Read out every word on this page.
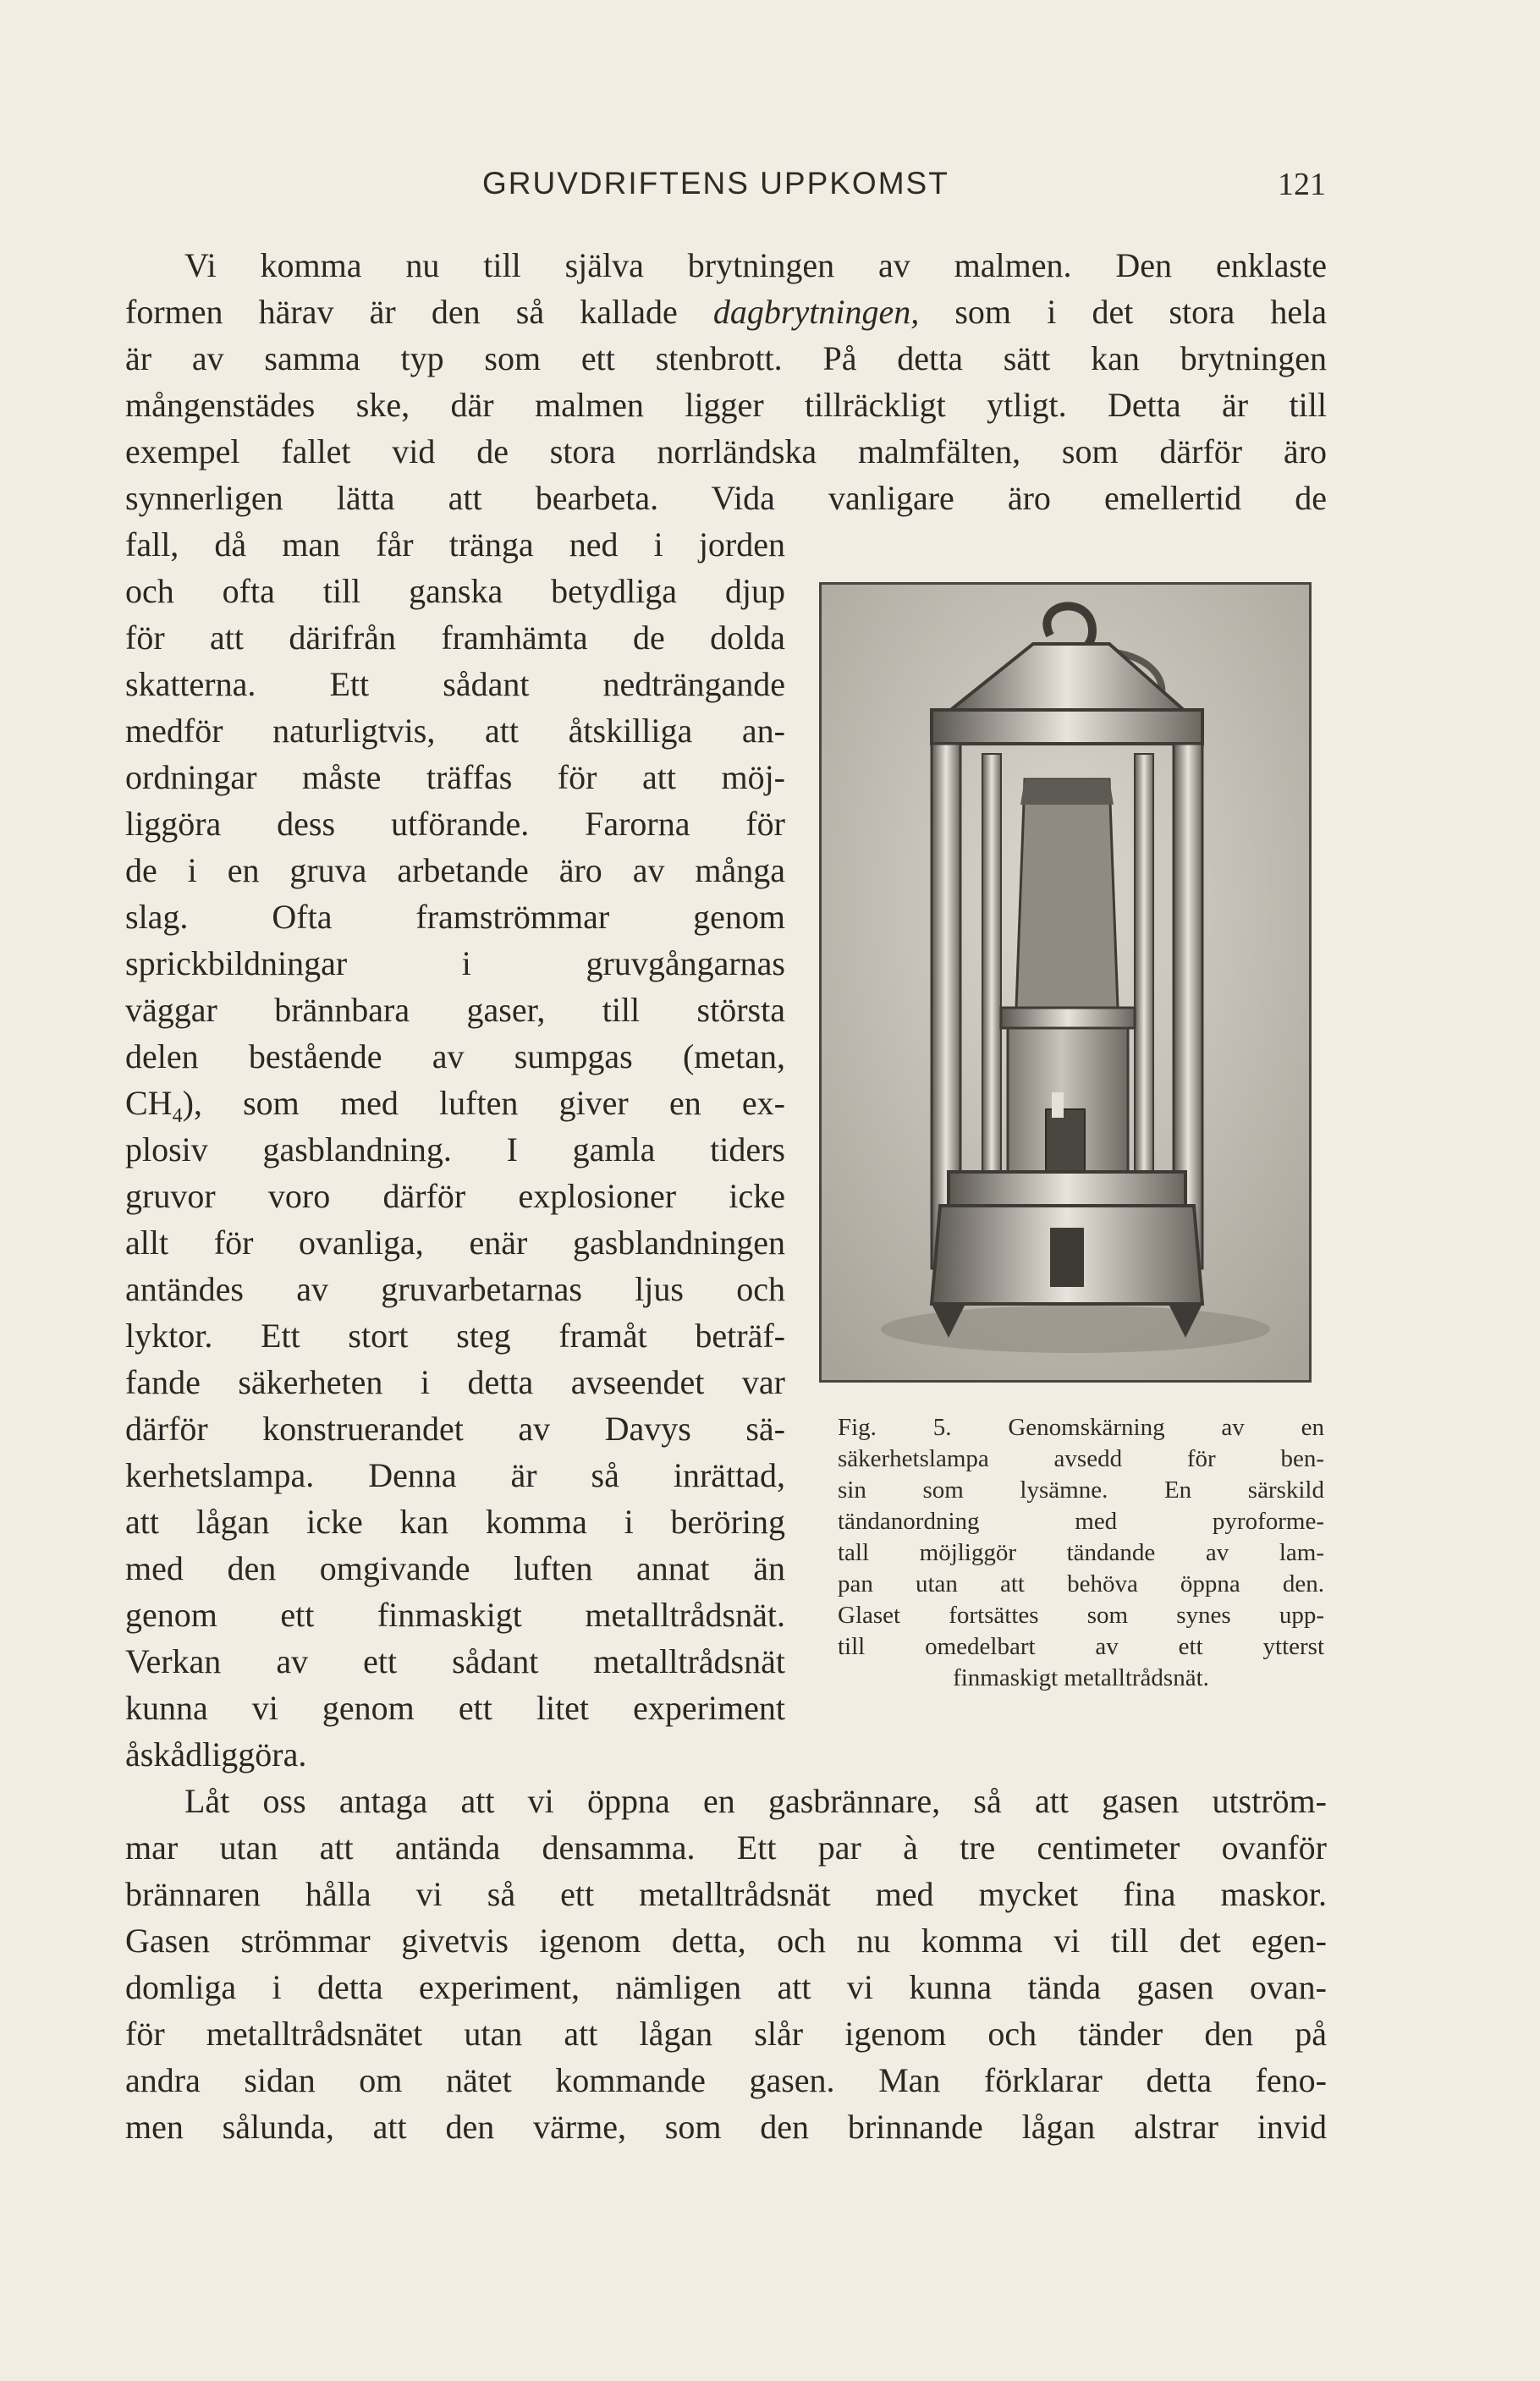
GRUVDRIFTENS UPPKOMST	121
Vi komma nu till själva brytningen av malmen. Den enklaste
formen härav är den så kallade dagbrytningen, som i det stora hela
är av samma typ som ett stenbrott. På detta sätt kan brytningen
mångenstädes ske, där malmen ligger tillräckligt ytligt. Detta är till
exempel fallet vid de stora norrländska malmfälten, som därför äro
synnerligen lätta att bearbeta. Vida vanligare äro emellertid de
fall, då man får tränga ned i jorden
och ofta till ganska betydliga djup
för att därifrån framhämta de dolda
skatterna. Ett sådant nedträngande
medför naturligtvis, att åtskilliga an-
ordningar måste träffas för att möj-
liggöra dess utförande. Farorna för
de i en gruva arbetande äro av många
slag. Ofta framströmmar genom
sprickbildningar i gruvgångarnas
väggar brännbara gaser, till största
delen bestående av sumpgas (metan,
$CH_4$), som med luften giver en ex-
plosiv gasblandning. I gamla tiders
gruvor voro därför explosioner icke
allt för ovanliga, enär gasblandningen
antändes av gruvarbetarnas ljus och
lyktor. Ett stort steg framåt beträf-
fande säkerheten i detta avseendet var
därför konstruerandet av Davys sä-
kerhetslampa. Denna är så inrättad,
att lågan icke kan komma i beröring
med den omgivande luften annat än
genom ett finmaskigt metalltrådsnät.
Verkan av ett sådant metalltrådsnät
kunna vi genom ett litet experiment
åskådliggöra.
Låt oss antaga att vi öppna en gasbrännare, så att gasen utström-
mar utan att antända densamma. Ett par à tre centimeter ovanför
brännaren hålla vi så ett metalltrådsnät med mycket fina maskor.
Gasen strömmar givetvis igenom detta, och nu komma vi till det egen-
domliga i detta experiment, nämligen att vi kunna tända gasen ovan-
för metalltrådsnätet utan att lågan slår igenom och tänder den på
andra sidan om nätet kommande gasen. Man förklarar detta feno-
men sålunda, att den värme, som den brinnande lågan alstrar invid
Fig. 5. Genomskärning av en
säkerhetslampa avsedd för ben-
sin som lysämne. En särskild
tändanordning med pyroforme-
tall möjliggör tändande av lam-
pan utan att behöva öppna den.
Glaset fortsättes som synes upp-
till omedelbart av ett ytterst
finmaskigt metalltrådsnät.
